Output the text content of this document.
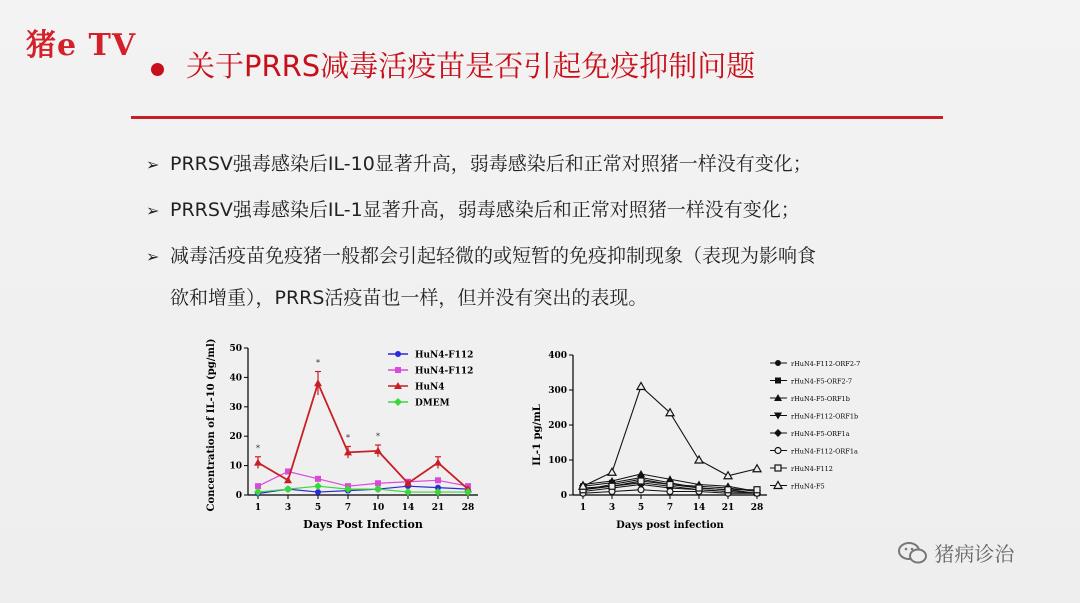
猪e TV
关于PRRS减毒活疫苗是否引起免疫抑制问题
➢ PRRSV强毒感染后IL-10显著升高，弱毒感染后和正常对照猪一样没有变化；
➢ PRRSV强毒感染后IL-1显著升高，弱毒感染后和正常对照猪一样没有变化；
➢ 减毒活疫苗免疫猪一般都会引起轻微的或短暂的免疫抑制现象（表现为影响食
欲和增重），PRRS活疫苗也一样，但并没有突出的表现。
0
10
20
30
40
50
1	3	5	7 10 14 21 28
*
*
*	*
HuN4-F112
HuN4-F112
HuN4
DMEM
Days Post Infection
Concentration of IL-10 (pg/ml)	0
100
200
300
400
1	3	5	7 14 21 28
rHuN4-F112-ORF2-7
rHuN4-F5-ORF2-7
rHuN4-F5-ORF1b
rHuN4-F112-ORF1b
rHuN4-F5-ORF1a
rHuN4-F112-ORF1a
rHuN4-F112
rHuN4-F5
Days post infection
IL-1 pg/mL
猪病诊治
